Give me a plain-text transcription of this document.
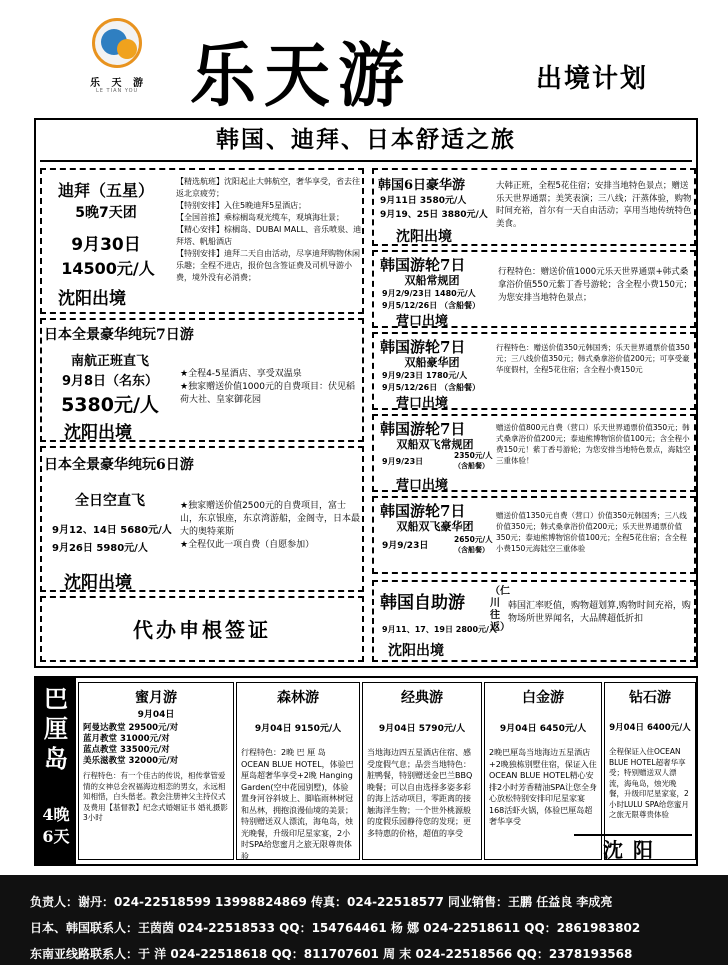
乐 天 游
LE TIAN YOU 乐天游	出境计划
韩国、迪拜、日本舒适之旅
迪拜（五星）
5晚7天团
9月30日
14500元/人
沈阳出境
【精选航班】沈阳起止大韩航空，奢华享受，省去往返北京疲劳；
【特别安排】入住5晚迪拜5星酒店；
【全国首推】乘棕榈岛观光缆车，观填海壮景；
【精心安排】棕榈岛、DUBAI MALL、音乐喷泉、迪拜塔、帆船酒店
【特别安排】迪拜二天自由活动，尽享迪拜购物休闲乐趣；全程不进店，报价包含签证费及司机导游小费，境外没有必消费；
日本全景豪华纯玩7日游
南航正班直飞
9月8日（名东）
5380元/人
沈阳出境
★全程4-5星酒店、享受双温泉
★独家赠送价值1000元的自费项目：伏见稻荷大社、皇家御花园
日本全景豪华纯玩6日游
全日空直飞
9月12、14日 5680元/人
9月26日 5980元/人
沈阳出境
★独家赠送价值2500元的自费项目，富士山，东京银座，东京湾游船，金阁寺，日本最大的奥特莱斯
★全程仅此一项自费（自愿参加）
代办申根签证
韩国6日豪华游
9月11日 3580元/人
9月19、25日 3880元/人
沈阳出境
大韩正班，全程5花住宿；安排当地特色景点；赠送乐天世界通票；美笑表演；三八线；汗蒸体验，购物时间充裕，首尔有一天自由活动；享用当地传统特色美食。
韩国游轮7日
双船常规团
9月2/9/23日 1480元/人
9月5/12/26日 （含船餐）
营口出境
行程特色：赠送价值1000元乐天世界通票+韩式桑拿浴价值550元紫丁香号游轮；含全程小费150元；为您安排当地特色景点；
韩国游轮7日
双船豪华团
9月9/23日 1780元/人
9月5/12/26日 （含船餐）
营口出境
行程特色：赠送价值350元韩国秀；乐天世界通票价值350元；三八线价值350元；韩式桑拿浴价值200元；可享受豪华度假村，全程5花住宿；含全程小费150元
韩国游轮7日
双船双飞常规团
9月9/23日
2350元/人
（含船餐）
营口出境
赠送价值800元自费（营口）乐天世界通票价值350元；韩式桑拿浴价值200元；泰迪熊博物馆价值100元；含全程小费150元！紫丁香号游轮；为您安排当地特色景点，海陆空三重体验！
韩国游轮7日
双船双飞豪华团
9月9/23日
2650元/人
（含船餐）
赠送价值1350元自费（营口）价值350元韩国秀；三八线价值350元；韩式桑拿浴价值200元；乐天世界通票价值350元；泰迪熊博物馆价值100元；全程5花住宿；含全程小费150元海陆空三重体验
韩国自助游
（仁川往返）
9月11、17、19日 2800元/人
沈阳出境
韩国汇率贬值，购物超划算,购物时间充裕，购物场所世界闻名，大品牌超低折扣
巴厘岛
4晚6天
蜜月游
9月04日
阿曼达教堂 29500元/对
蓝月教堂 31000元/对
蓝点教堂 33500元/对
美乐滋教堂 32000元/对
行程特色：有一个佳古的传说，相传掌管爱情的女神总会祝福海边相恋的男女，永远相知相惜，白头偕老。教会注册神父主持仪式及费用【基督教】纪念式婚姻证书 婚礼摄影3小时
森林游
9月04日 9150元/人
行程特色：2晚 巴 厘 岛 OCEAN BLUE HOTEL，体验巴厘岛超奢华享受+2晚 Hanging Garden(空中花园别墅)，体验置身河谷斜坡上、脚临雨林树冠和丛林，拥抱浪漫仙境的美景；特别赠送双人漂流，海龟岛，烛光晚餐，升级印尼星家宴，2小时SPA给您蜜月之旅无限尊贵体验
经典游
9月04日 5790元/人
当地海边四五星酒店住宿、感受度假气息；品尝当地特色：脏鸭餐，特别赠送金巴兰BBQ晚餐；可以自由选择多姿多彩的海上活动项目，零距离的接触海洋生物；一个世外桃源般的度假乐园静待您的发现；更多特惠的价格，超值的享受
白金游
9月04日 6450元/人
2晚巴厘岛当地海边五星酒店+2晚独栋别墅住宿，保证入住OCEAN BLUE HOTEL精心安排2小时芳香精油SPA让您全身心放松特别安排印尼星家宴 168活虾火锅，体验巴厘岛超奢华享受
钻石游
9月04日 6400元/人
全程保证入住OCEAN BLUE HOTEL超奢华享受；特别赠送双人漂流，海龟岛，烛光晚餐，升级印尼星家宴，2小时LULU SPA给您蜜月之旅无限尊贵体验
沈阳
负责人：谢丹：024-22518599 13998824869 传真：024-22518577 同业销售：王鹏 任益良 李成亮
日本、韩国联系人：王茵茵 024-22518533 QQ：154764461 杨 娜 024-22518611 QQ：2861983802
东南亚线路联系人：于 洋 024-22518618 QQ：811707601 周 末 024-22518566 QQ：2378193568
